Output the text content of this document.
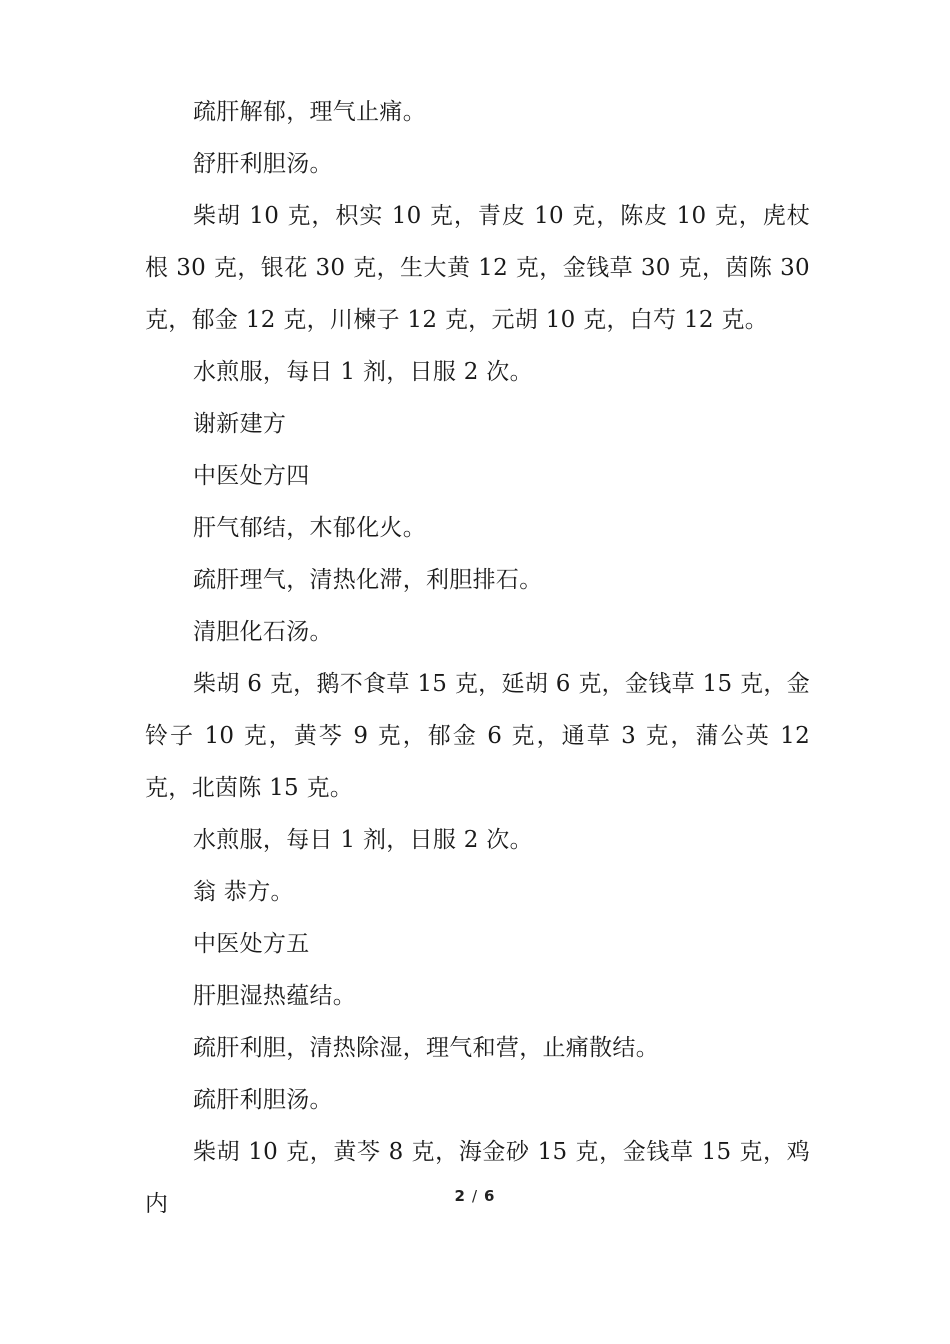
疏肝解郁，理气止痛。

舒肝利胆汤。

柴胡 10 克，枳实 10 克，青皮 10 克，陈皮 10 克，虎杖根 30 克，银花 30 克，生大黄 12 克，金钱草 30 克，茵陈 30 克，郁金 12 克，川楝子 12 克，元胡 10 克，白芍 12 克。

水煎服，每日 1 剂，日服 2 次。

谢新建方

中医处方四

肝气郁结，木郁化火。

疏肝理气，清热化滞，利胆排石。

清胆化石汤。

柴胡 6 克，鹅不食草 15 克，延胡 6 克，金钱草 15 克，金铃子 10 克，黄芩 9 克，郁金 6 克，通草 3 克，蒲公英 12 克，北茵陈 15 克。

水煎服，每日 1 剂，日服 2 次。

翁 恭方。

中医处方五

肝胆湿热蕴结。

疏肝利胆，清热除湿，理气和营，止痛散结。

疏肝利胆汤。

柴胡 10 克，黄芩 8 克，海金砂 15 克，金钱草 15 克，鸡内	2 / 6
